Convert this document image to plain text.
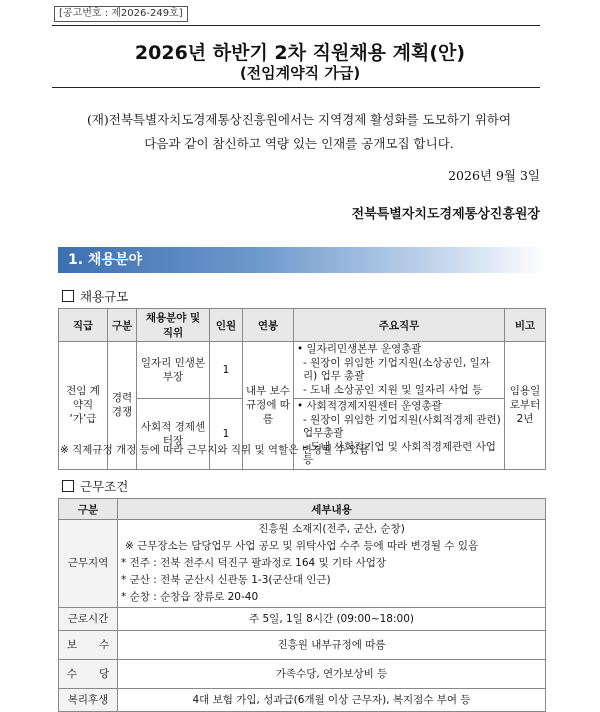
[공고번호 : 제2026-249호]
2026년 하반기 2차 직원채용 계획(안)
(전임계약직 가급)
(재)전북특별자치도경제통상진흥원에서는 지역경제 활성화를 도모하기 위하여
다음과 같이 참신하고 역량 있는 인재를 공개모집 합니다.
2026년 9월 3일
전북특별자치도경제통상진흥원장
1. 채용분야
채용규모
직급	구분	채용분야 및 직위	인원	연봉	주요직무	비고
전임 계약직 ‘가’급	경력 경쟁	일자리 민생본부장	1	내부 보수규정에 따름	• 일자리민생본부 운영총괄
- 원장이 위임한 기업지원(소상공인, 일자리) 업무 총괄
- 도내 소상공인 지원 및 일자리 사업 등	임용일 로부터 2년
		사회적 경제센터장	1		• 사회적경제지원센터 운영총괄
- 원장이 위임한 기업지원(사회적경제 관련) 업무총괄
- 도내 사회적기업 및 사회적경제관련 사업 등	
※ 직제규정 개정 등에 따라 근무지와 직위 및 역할은 변경될 수 있음
근무조건
구분	세부내용
근무지역	진흥원 소재지(전주, 군산, 순창)
※ 근무장소는 담당업무 사업 공모 및 위탁사업 수주 등에 따라 변경될 수 있음
* 전주 : 전북 전주시 덕진구 팔과정로 164 및 기타 사업장
* 군산 : 전북 군산시 신관동 1-3(군산대 인근)
* 순창 : 순창읍 장류로 20-40

근로시간	주 5일, 1일 8시간 (09:00~18:00)
보수	진흥원 내부규정에 따름
수당	가족수당, 연가보상비 등
복리후생	4대 보험 가입, 성과급(6개월 이상 근무자), 복지점수 부여 등
